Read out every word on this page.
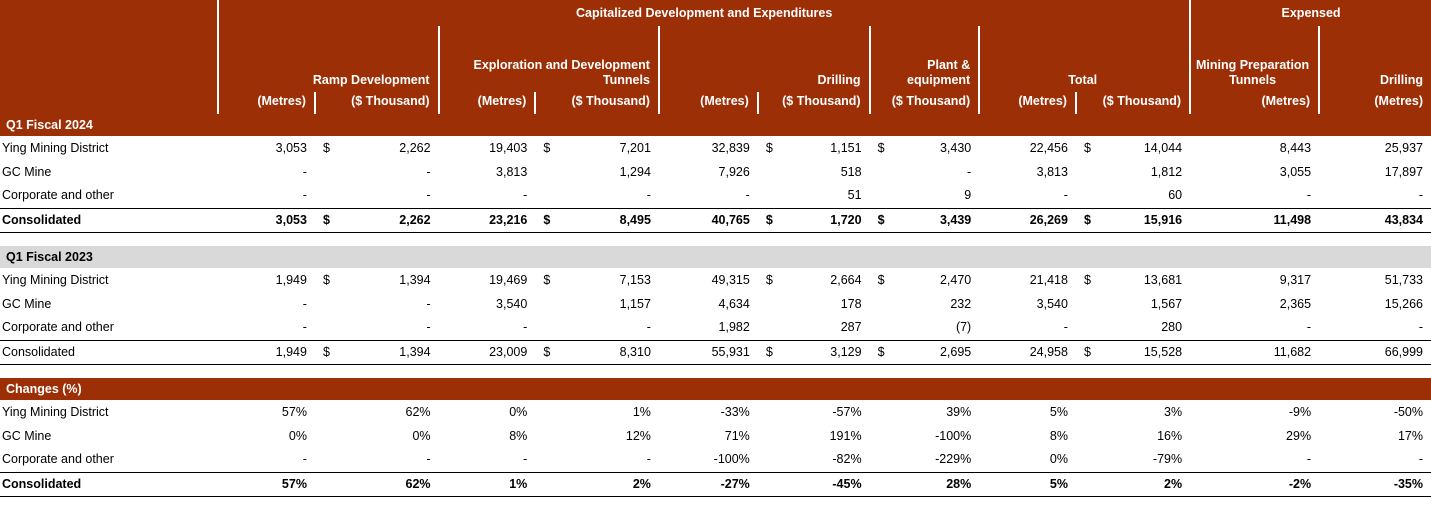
	Capitalized Development and Expenditures														Expensed	
	Ramp Development			Exploration and Development Tunnels			Drilling			Plant & equipment		Total			Mining Preparation Tunnels	Drilling
	(Metres)	($ Thousand)		(Metres)	($ Thousand)		(Metres)	($ Thousand)		($ Thousand)		(Metres)	($ Thousand)		(Metres)	(Metres)
Q1 Fiscal 2024																
Ying Mining District	3,053	$	2,262	19,403	$	7,201	32,839	$	1,151	$	3,430	22,456	$	14,044	8,443	25,937
GC Mine	-		-	3,813		1,294	7,926		518		-	3,813		1,812	3,055	17,897
Corporate and other	-		-	-		-	-		51		9	-		60	-	-
Consolidated	3,053	$	2,262	23,216	$	8,495	40,765	$	1,720	$	3,439	26,269	$	15,916	11,498	43,834

Q1 Fiscal 2023																
Ying Mining District	1,949	$	1,394	19,469	$	7,153	49,315	$	2,664	$	2,470	21,418	$	13,681	9,317	51,733
GC Mine	-		-	3,540		1,157	4,634		178		232	3,540		1,567	2,365	15,266
Corporate and other	-		-	-		-	1,982		287		(7)	-		280	-	-
Consolidated	1,949	$	1,394	23,009	$	8,310	55,931	$	3,129	$	2,695	24,958	$	15,528	11,682	66,999

Changes (%)																
Ying Mining District	57%		62%	0%		1%	-33%		-57%		39%	5%		3%	-9%	-50%
GC Mine	0%		0%	8%		12%	71%		191%		-100%	8%		16%	29%	17%
Corporate and other	-		-	-		-	-100%		-82%		-229%	0%		-79%	-	-
Consolidated	57%		62%	1%		2%	-27%		-45%		28%	5%		2%	-2%	-35%
